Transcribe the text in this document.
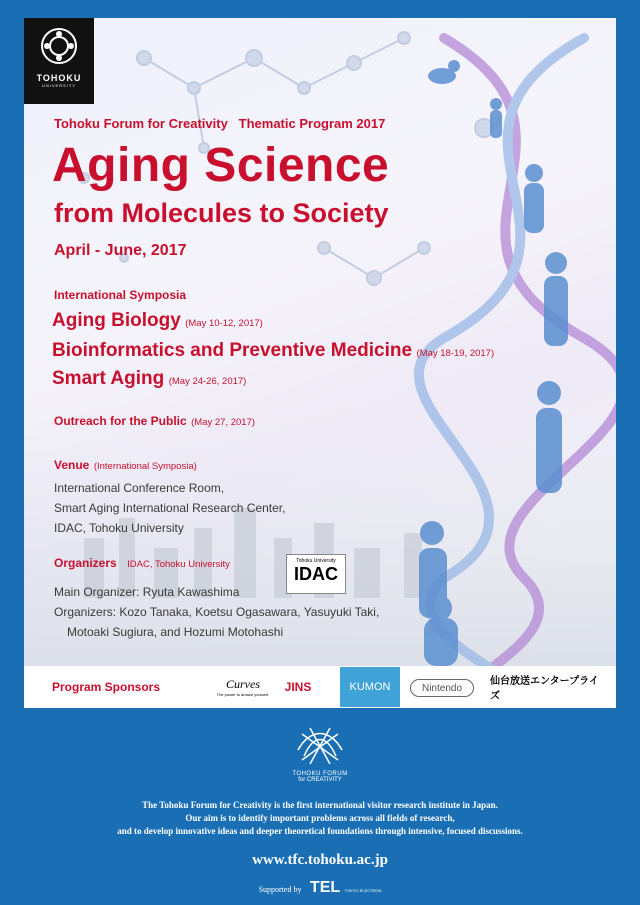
TOHOKU
UNIVERSITY
Tohoku Forum for Creativity   Thematic Program 2017
Aging Science
from Molecules to Society
April - June, 2017
International Symposia
Aging Biology (May 10-12, 2017)
Bioinformatics and Preventive Medicine (May 18-19, 2017)
Smart Aging (May 24-26, 2017)
Outreach for the Public (May 27, 2017)
Venue (International Symposia)
International Conference Room,
Smart Aging International Research Center,
IDAC, Tohoku University
Organizers IDAC, Tohoku University	Tohoku University
IDAC
Main Organizer: Ryuta Kawashima
Organizers: Kozo Tanaka, Koetsu Ogasawara, Yasuyuki Taki,
Motoaki Sugiura, and Hozumi Motohashi
Program Sponsors	Curves
The power to amaze yourself.
JINS	KUMON	Nintendo
仙台放送エンタープライズ
TOHOKU FORUM
for CREATIVITY
The Tohoku Forum for Creativity is the first international visitor research institute in Japan.
Our aim is to identify important problems across all fields of research,
and to develop innovative ideas and deeper theoretical foundations through intensive, focused discussions.
www.tfc.tohoku.ac.jp
Supported by TEL TOKYO ELECTRON
